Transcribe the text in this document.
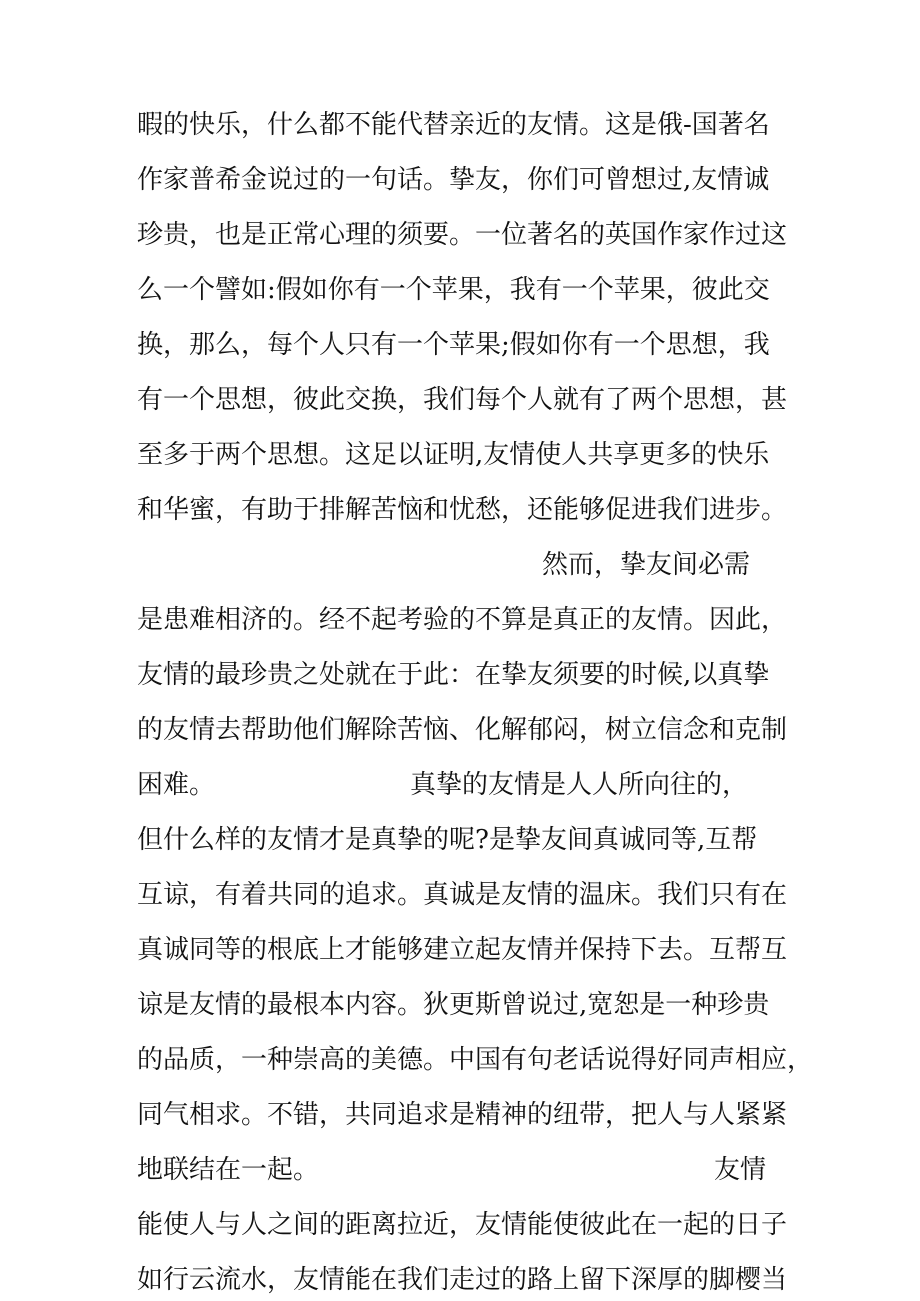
暇的快乐，什么都不能代替亲近的友情。这是俄-国著名
作家普希金说过的一句话。挚友，你们可曾想过,友情诚
珍贵，也是正常心理的须要。一位著名的英国作家作过这
么一个譬如:假如你有一个苹果，我有一个苹果，彼此交
换，那么，每个人只有一个苹果;假如你有一个思想，我
有一个思想，彼此交换，我们每个人就有了两个思想，甚
至多于两个思想。这足以证明,友情使人共享更多的快乐
和华蜜，有助于排解苦恼和忧愁，还能够促进我们进步。
然而，挚友间必需
是患难相济的。经不起考验的不算是真正的友情。因此，
友情的最珍贵之处就在于此：在挚友须要的时候,以真挚
的友情去帮助他们解除苦恼、化解郁闷，树立信念和克制
困难。	真挚的友情是人人所向往的，
但什么样的友情才是真挚的呢?是挚友间真诚同等,互帮
互谅，有着共同的追求。真诚是友情的温床。我们只有在
真诚同等的根底上才能够建立起友情并保持下去。互帮互
谅是友情的最根本内容。狄更斯曾说过,宽恕是一种珍贵
的品质，一种崇高的美德。中国有句老话说得好同声相应，
同气相求。不错，共同追求是精神的纽带，把人与人紧紧
地联结在一起。	友情
能使人与人之间的距离拉近，友情能使彼此在一起的日子
如行云流水，友情能在我们走过的路上留下深厚的脚樱当
